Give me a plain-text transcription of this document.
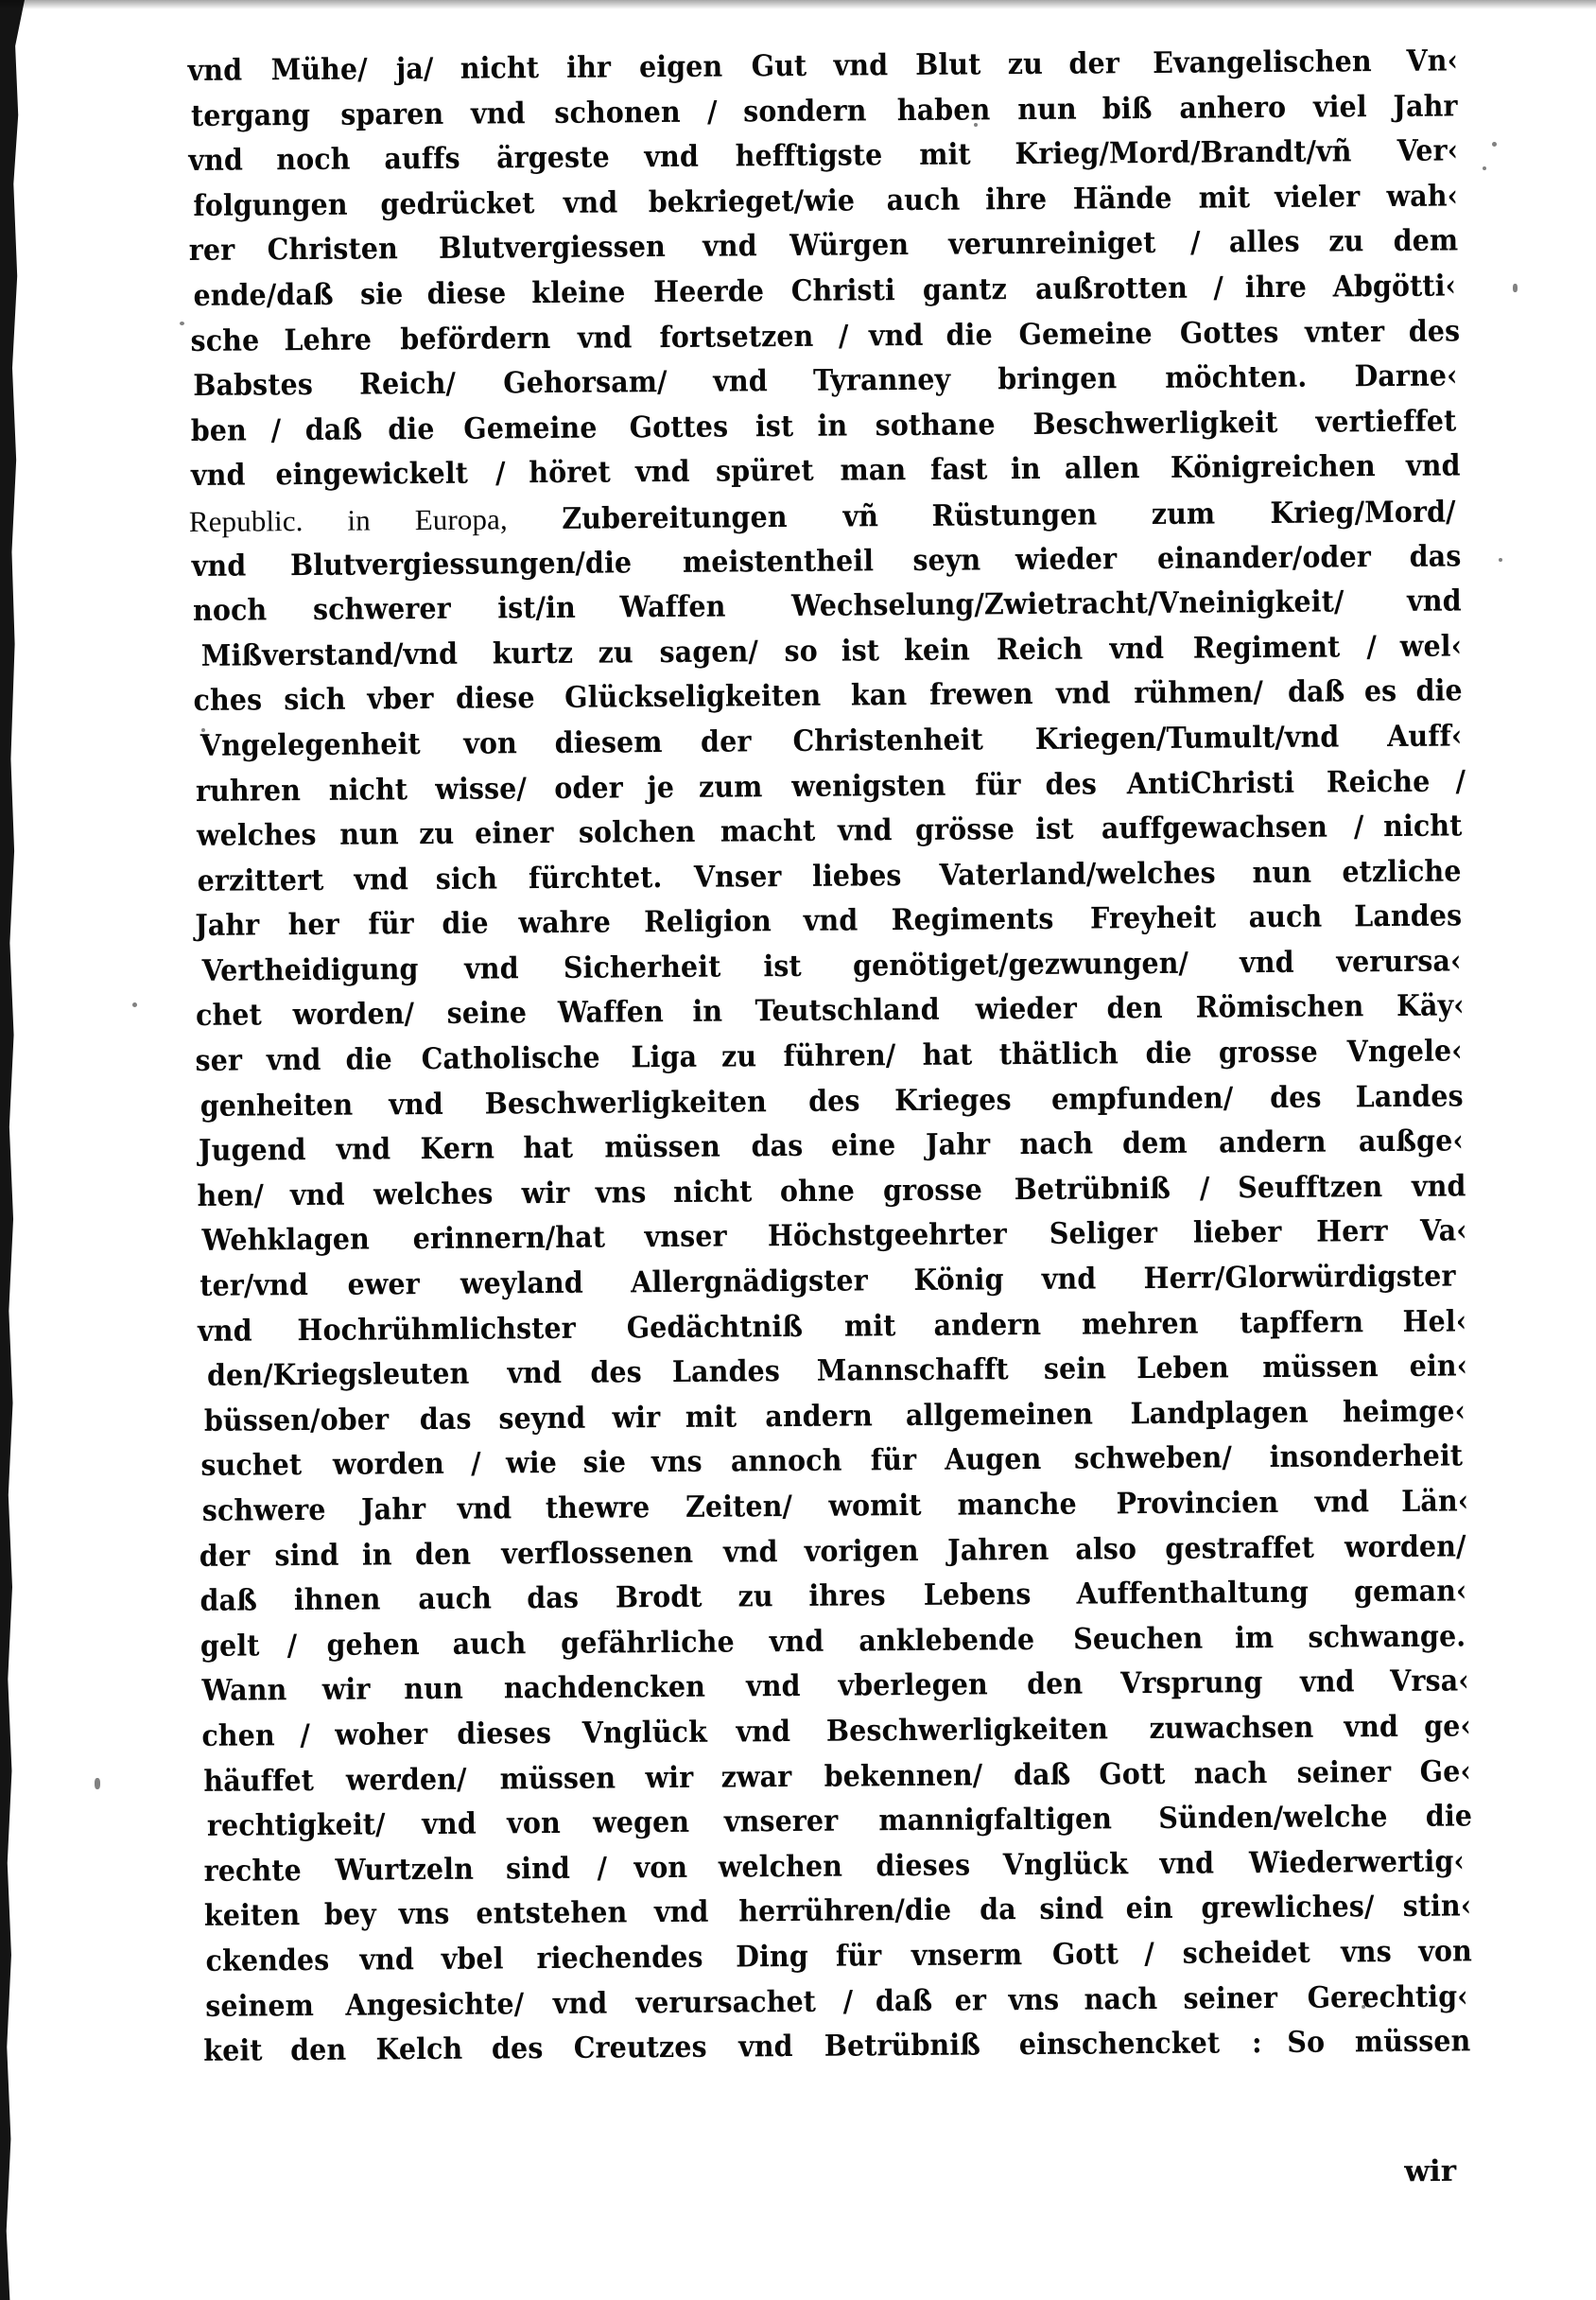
vnd Mühe/ ja/ nicht ihr eigen Gut vnd Blut zu der Evangelischen Vn‹
tergang sparen vnd schonen / sondern haben nun biß anhero viel Jahr
vnd noch auffs ärgeste vnd hefftigste mit Krieg/Mord/Brandt/vñ Ver‹
folgungen gedrücket vnd bekrieget/wie auch ihre Hände mit vieler wah‹
rer Christen Blutvergiessen vnd Würgen verunreiniget / alles zu dem
ende/daß sie diese kleine Heerde Christi gantz außrotten / ihre Abgötti‹
sche Lehre befördern vnd fortsetzen / vnd die Gemeine Gottes vnter des
Babstes Reich/ Gehorsam/ vnd Tyranney bringen möchten. Darne‹
ben / daß die Gemeine Gottes ist in sothane Beschwerligkeit vertieffet
vnd eingewickelt / höret vnd spüret man fast in allen Königreichen vnd
Republic. in Europa, Zubereitungen vñ Rüstungen zum Krieg/Mord/
vnd Blutvergiessungen/die meistentheil seyn wieder einander/oder das
noch schwerer ist/in Waffen Wechselung/Zwietracht/Vneinigkeit/ vnd
Mißverstand/vnd kurtz zu sagen/ so ist kein Reich vnd Regiment / wel‹
ches sich vber diese Glückseligkeiten kan frewen vnd rühmen/ daß es die
Vngelegenheit von diesem der Christenheit Kriegen/Tumult/vnd Auff‹
ruhren nicht wisse/ oder je zum wenigsten für des AntiChristi Reiche /
welches nun zu einer solchen macht vnd grösse ist auffgewachsen / nicht
erzittert vnd sich fürchtet. Vnser liebes Vaterland/welches nun etzliche
Jahr her für die wahre Religion vnd Regiments Freyheit auch Landes
Vertheidigung vnd Sicherheit ist genötiget/gezwungen/ vnd verursa‹
chet worden/ seine Waffen in Teutschland wieder den Römischen Käy‹
ser vnd die Catholische Liga zu führen/ hat thätlich die grosse Vngele‹
genheiten vnd Beschwerligkeiten des Krieges empfunden/ des Landes
Jugend vnd Kern hat müssen das eine Jahr nach dem andern außge‹
hen/ vnd welches wir vns nicht ohne grosse Betrübniß / Seufftzen vnd
Wehklagen erinnern/hat vnser Höchstgeehrter Seliger lieber Herr Va‹
ter/vnd ewer weyland Allergnädigster König vnd Herr/Glorwürdigster
vnd Hochrühmlichster Gedächtniß mit andern mehren tapffern Hel‹
den/Kriegsleuten vnd des Landes Mannschafft sein Leben müssen ein‹
büssen/ober das seynd wir mit andern allgemeinen Landplagen heimge‹
suchet worden / wie sie vns annoch für Augen schweben/ insonderheit
schwere Jahr vnd thewre Zeiten/ womit manche Provincien vnd Län‹
der sind in den verflossenen vnd vorigen Jahren also gestraffet worden/
daß ihnen auch das Brodt zu ihres Lebens Auffenthaltung geman‹
gelt / gehen auch gefährliche vnd anklebende Seuchen im schwange.
Wann wir nun nachdencken vnd vberlegen den Vrsprung vnd Vrsa‹
chen / woher dieses Vnglück vnd Beschwerligkeiten zuwachsen vnd ge‹
häuffet werden/ müssen wir zwar bekennen/ daß Gott nach seiner Ge‹
rechtigkeit/ vnd von wegen vnserer mannigfaltigen Sünden/welche die
rechte Wurtzeln sind / von welchen dieses Vnglück vnd Wiederwertig‹
keiten bey vns entstehen vnd herrühren/die da sind ein grewliches/ stin‹
ckendes vnd vbel riechendes Ding für vnserm Gott / scheidet vns von
seinem Angesichte/ vnd verursachet / daß er vns nach seiner Gerechtig‹
keit den Kelch des Creutzes vnd Betrübniß einschencket : So müssen
wir
